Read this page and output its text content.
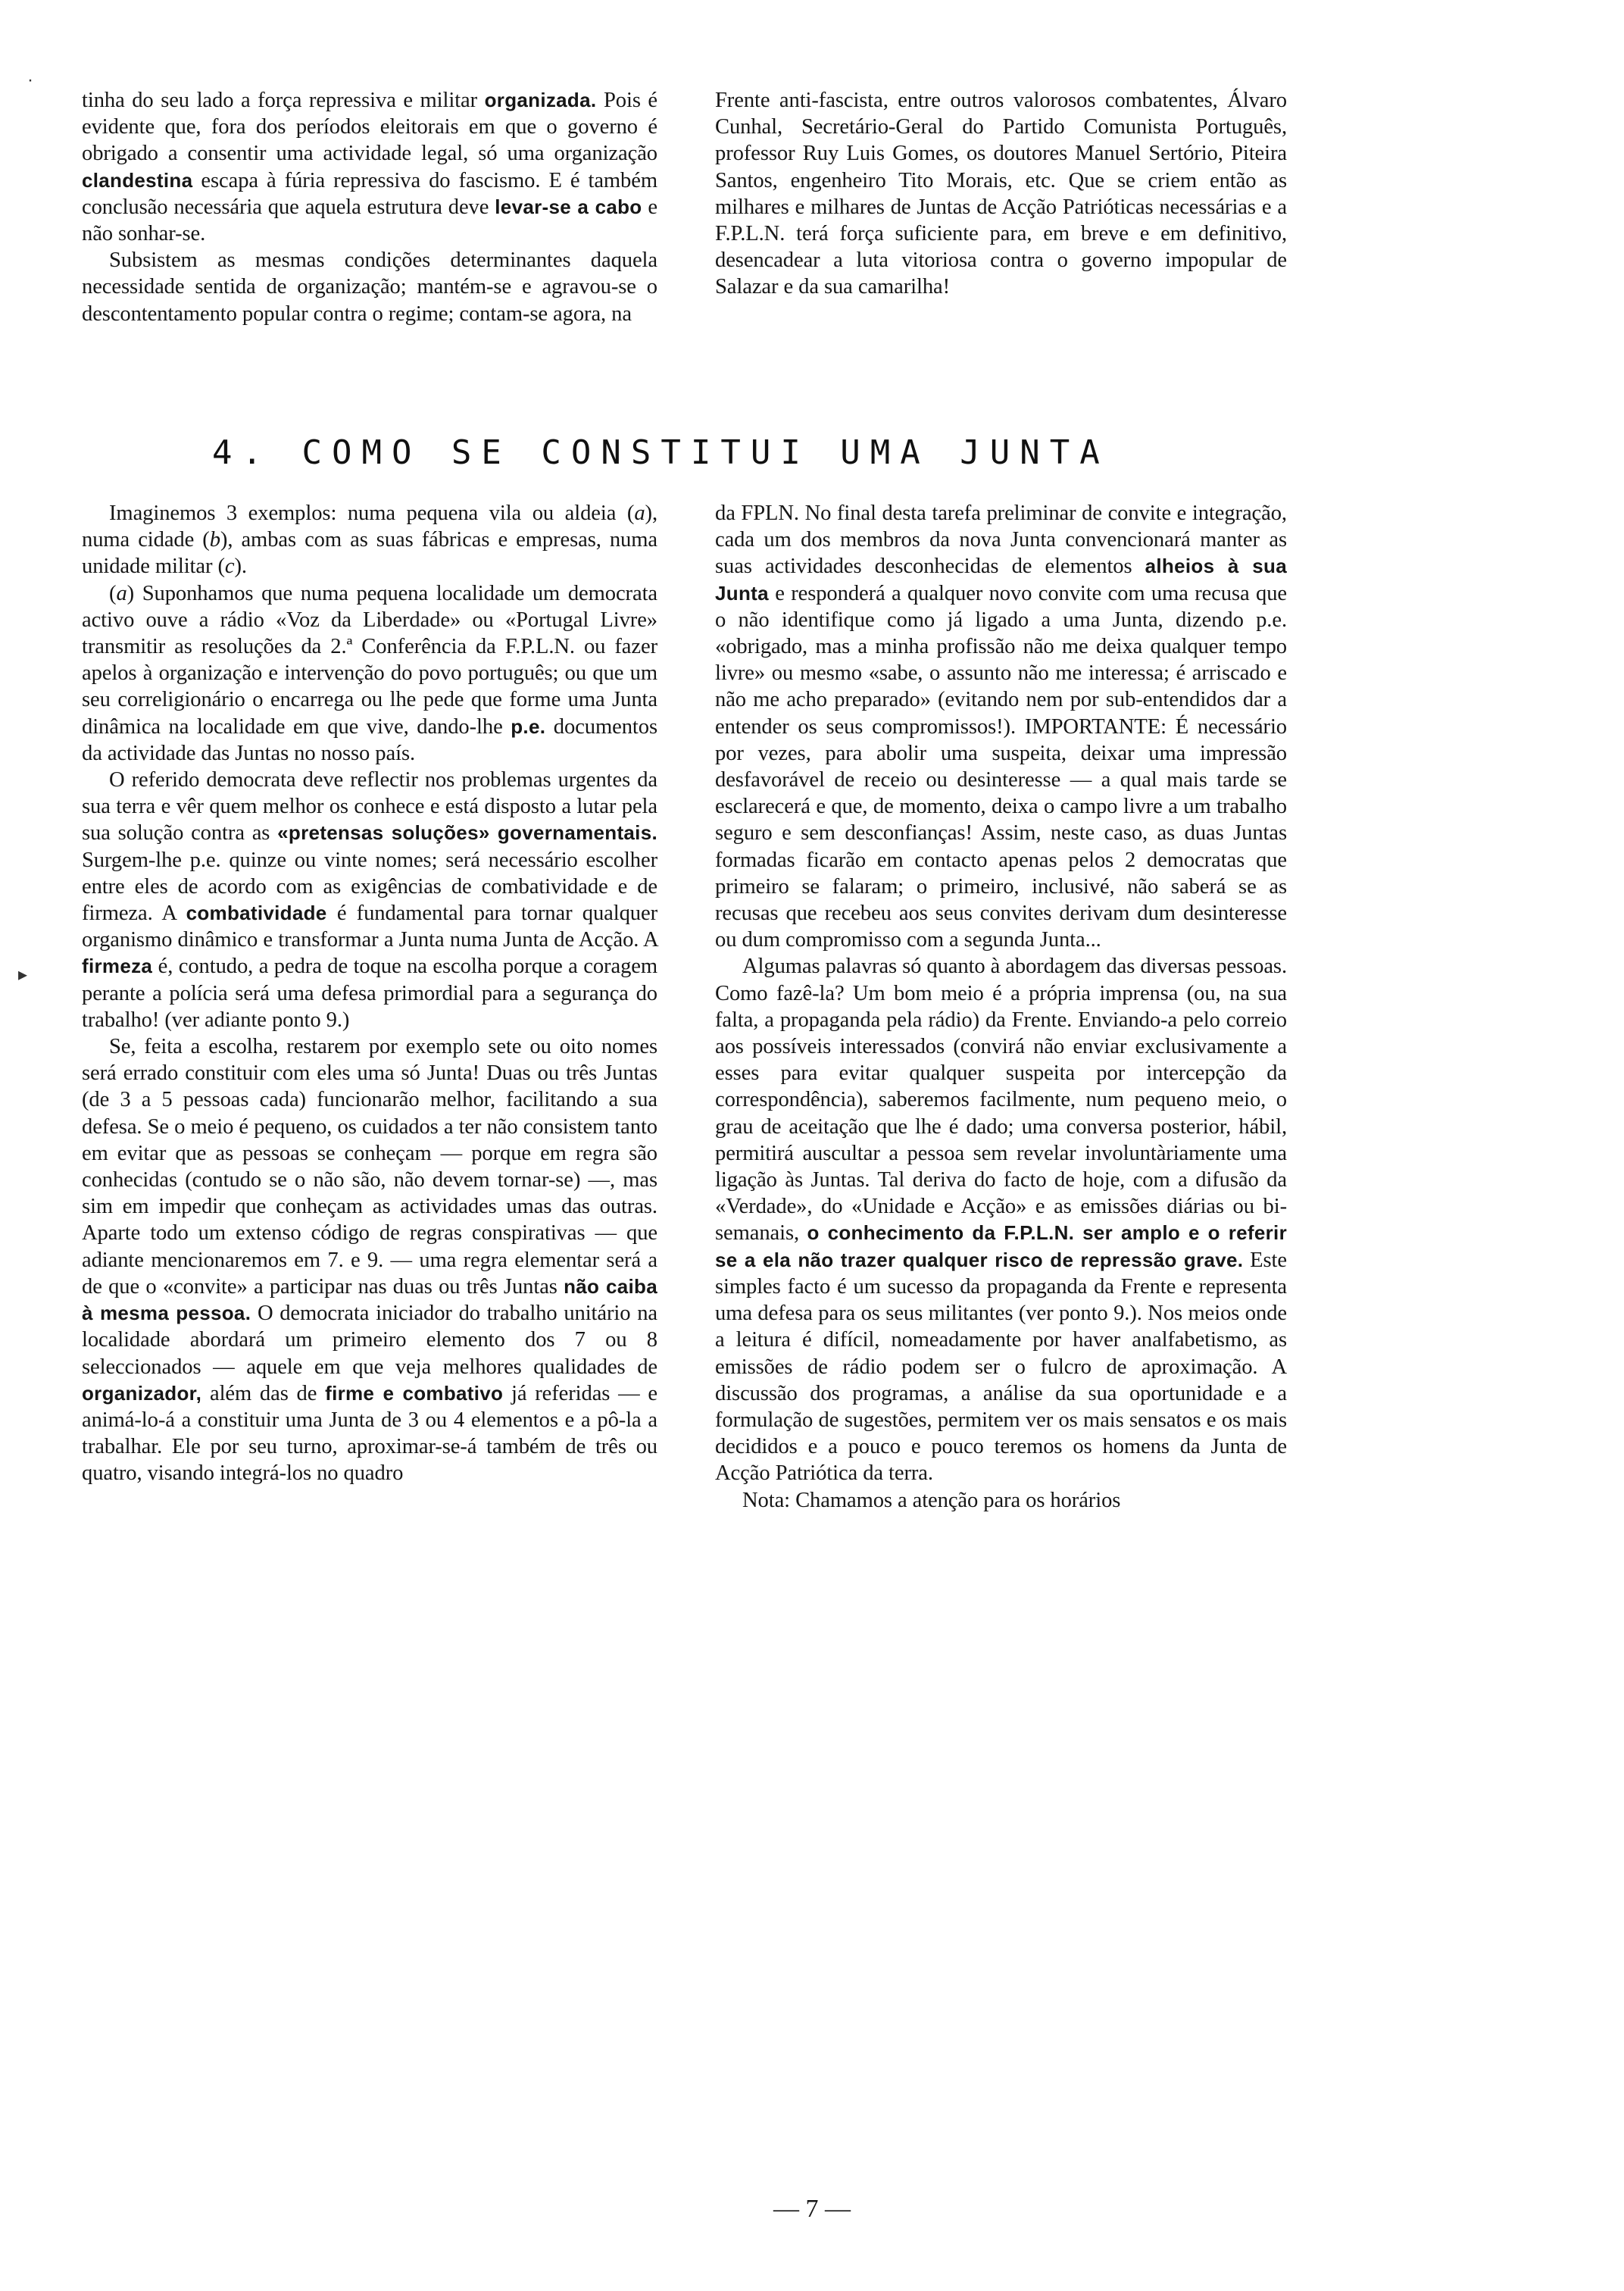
tinha do seu lado a força repressiva e militar organizada. Pois é evidente que, fora dos períodos eleitorais em que o governo é obrigado a consentir uma actividade legal, só uma organização clandestina escapa à fúria repressiva do fascismo. E é também conclusão necessária que aquela estrutura deve levar-se a cabo e não sonhar-se.

Subsistem as mesmas condições determinantes daquela necessidade sentida de organização; mantém-se e agravou-se o descontentamento popular contra o regime; contam-se agora, na

Frente anti-fascista, entre outros valorosos combatentes, Álvaro Cunhal, Secretário-Geral do Partido Comunista Português, professor Ruy Luis Gomes, os doutores Manuel Sertório, Piteira Santos, engenheiro Tito Morais, etc. Que se criem então as milhares e milhares de Juntas de Acção Patrióticas necessárias e a F.P.L.N. terá força suficiente para, em breve e em definitivo, desencadear a luta vitoriosa contra o governo impopular de Salazar e da sua camarilha!

4. COMO SE CONSTITUI UMA JUNTA

Imaginemos 3 exemplos: numa pequena vila ou aldeia (a), numa cidade (b), ambas com as suas fábricas e empresas, numa unidade militar (c).

(a) Suponhamos que numa pequena localidade um democrata activo ouve a rádio «Voz da Liberdade» ou «Portugal Livre» transmitir as resoluções da 2.ª Conferência da F.P.L.N. ou fazer apelos à organização e intervenção do povo português; ou que um seu correligionário o encarrega ou lhe pede que forme uma Junta dinâmica na localidade em que vive, dando-lhe p.e. documentos da actividade das Juntas no nosso país.

O referido democrata deve reflectir nos problemas urgentes da sua terra e vêr quem melhor os conhece e está disposto a lutar pela sua solução contra as «pretensas soluções» governamentais. Surgem-lhe p.e. quinze ou vinte nomes; será necessário escolher entre eles de acordo com as exigências de combatividade e de firmeza. A combatividade é fundamental para tornar qualquer organismo dinâmico e transformar a Junta numa Junta de Acção. A firmeza é, contudo, a pedra de toque na escolha porque a coragem perante a polícia será uma defesa primordial para a segurança do trabalho! (ver adiante ponto 9.)

Se, feita a escolha, restarem por exemplo sete ou oito nomes será errado constituir com eles uma só Junta! Duas ou três Juntas (de 3 a 5 pessoas cada) funcionarão melhor, facilitando a sua defesa. Se o meio é pequeno, os cuidados a ter não consistem tanto em evitar que as pessoas se conheçam — porque em regra são conhecidas (contudo se o não são, não devem tornar-se) —, mas sim em impedir que conheçam as actividades umas das outras. Aparte todo um extenso código de regras conspirativas — que adiante mencionaremos em 7. e 9. — uma regra elementar será a de que o «convite» a participar nas duas ou três Juntas não caiba à mesma pessoa. O democrata iniciador do trabalho unitário na localidade abordará um primeiro elemento dos 7 ou 8 seleccionados — aquele em que veja melhores qualidades de organizador, além das de firme e combativo já referidas — e animá-lo-á a constituir uma Junta de 3 ou 4 elementos e a pô-la a trabalhar. Ele por seu turno, aproximar-se-á também de três ou quatro, visando integrá-los no quadro

da FPLN. No final desta tarefa preliminar de convite e integração, cada um dos membros da nova Junta convencionará manter as suas actividades desconhecidas de elementos alheios à sua Junta e responderá a qualquer novo convite com uma recusa que o não identifique como já ligado a uma Junta, dizendo p.e. «obrigado, mas a minha profissão não me deixa qualquer tempo livre» ou mesmo «sabe, o assunto não me interessa; é arriscado e não me acho preparado» (evitando nem por sub-entendidos dar a entender os seus compromissos!). IMPORTANTE: É necessário por vezes, para abolir uma suspeita, deixar uma impressão desfavorável de receio ou desinteresse — a qual mais tarde se esclarecerá e que, de momento, deixa o campo livre a um trabalho seguro e sem desconfianças! Assim, neste caso, as duas Juntas formadas ficarão em contacto apenas pelos 2 democratas que primeiro se falaram; o primeiro, inclusivé, não saberá se as recusas que recebeu aos seus convites derivam dum desinteresse ou dum compromisso com a segunda Junta...

Algumas palavras só quanto à abordagem das diversas pessoas. Como fazê-la? Um bom meio é a própria imprensa (ou, na sua falta, a propaganda pela rádio) da Frente. Enviando-a pelo correio aos possíveis interessados (convirá não enviar exclusivamente a esses para evitar qualquer suspeita por intercepção da correspondência), saberemos facilmente, num pequeno meio, o grau de aceitação que lhe é dado; uma conversa posterior, hábil, permitirá auscultar a pessoa sem revelar involuntàriamente uma ligação às Juntas. Tal deriva do facto de hoje, com a difusão da «Verdade», do «Unidade e Acção» e as emissões diárias ou bi-semanais, o conhecimento da F.P.L.N. ser amplo e o referir se a ela não trazer qualquer risco de repressão grave. Este simples facto é um sucesso da propaganda da Frente e representa uma defesa para os seus militantes (ver ponto 9.). Nos meios onde a leitura é difícil, nomeadamente por haver analfabetismo, as emissões de rádio podem ser o fulcro de aproximação. A discussão dos programas, a análise da sua oportunidade e a formulação de sugestões, permitem ver os mais sensatos e os mais decididos e a pouco e pouco teremos os homens da Junta de Acção Patriótica da terra.

Nota: Chamamos a atenção para os horários

— 7 —
·
▸
